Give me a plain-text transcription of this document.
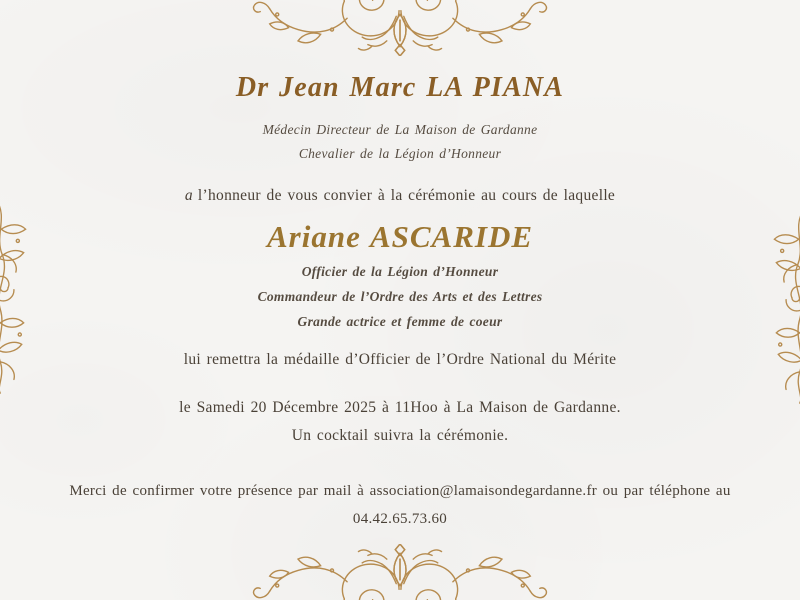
Dr Jean Marc LA PIANA

Médecin Directeur de La Maison de Gardanne

Chevalier de la Légion d’Honneur

a l’honneur de vous convier à la cérémonie au cours de laquelle

Ariane ASCARIDE

Officier de la Légion d’Honneur

Commandeur de l’Ordre des Arts et des Lettres

Grande actrice et femme de coeur

lui remettra la médaille d’Officier de l’Ordre National du Mérite

le Samedi 20 Décembre 2025 à 11Hoo à La Maison de Gardanne.

Un cocktail suivra la cérémonie.

Merci de confirmer votre présence par mail à association@lamaisondegardanne.fr ou par téléphone au

04.42.65.73.60
